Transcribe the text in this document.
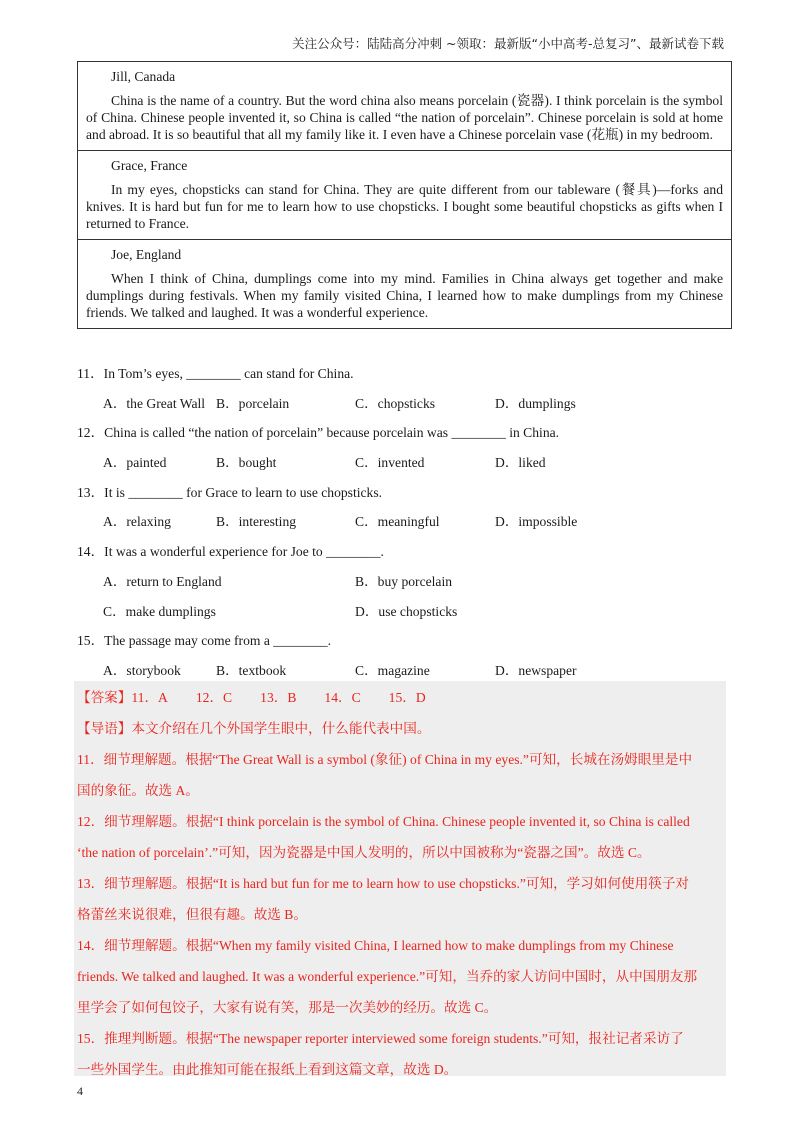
关注公众号：陆陆高分冲刺 ~领取：最新版“小中高考-总复习”、最新试卷下载
Jill, Canada
China is the name of a country. But the word china also means porcelain (瓷器). I think porcelain is the symbol of China. Chinese people invented it, so China is called “the nation of porcelain”. Chinese porcelain is sold at home and abroad. It is so beautiful that all my family like it. I even have a Chinese porcelain vase (花瓶) in my bedroom.
Grace, France
In my eyes, chopsticks can stand for China. They are quite different from our tableware (餐具)—forks and knives. It is hard but fun for me to learn how to use chopsticks. I bought some beautiful chopsticks as gifts when I returned to France.
Joe, England
When I think of China, dumplings come into my mind. Families in China always get together and make dumplings during festivals. When my family visited China, I learned how to make dumplings from my Chinese friends. We talked and laughed. It was a wonderful experience.
11．In Tom’s eyes, ________ can stand for China.
A．the Great Wall B．porcelain	C．chopsticks	D．dumplings
12．China is called “the nation of porcelain” because porcelain was ________ in China.
A．painted	B．bought	C．invented	D．liked
13．It is ________ for Grace to learn to use chopsticks.
A．relaxing	B．interesting	C．meaningful	D．impossible
14．It was a wonderful experience for Joe to ________.
A．return to England	B．buy porcelain
C．make dumplings	D．use chopsticks
15．The passage may come from a ________.
A．storybook	B．textbook	C．magazine	D．newspaper
【答案】11．A 12．C 13．B 14．C 15．D
【导语】本文介绍在几个外国学生眼中，什么能代表中国。
11．细节理解题。根据“The Great Wall is a symbol (象征) of China in my eyes.”可知，长城在汤姆眼里是中
国的象征。故选 A。
12．细节理解题。根据“I think porcelain is the symbol of China. Chinese people invented it, so China is called
‘the nation of porcelain’.”可知，因为瓷器是中国人发明的，所以中国被称为“瓷器之国”。故选 C。
13．细节理解题。根据“It is hard but fun for me to learn how to use chopsticks.”可知，学习如何使用筷子对
格蕾丝来说很难，但很有趣。故选 B。
14．细节理解题。根据“When my family visited China, I learned how to make dumplings from my Chinese
friends. We talked and laughed. It was a wonderful experience.”可知，当乔的家人访问中国时，从中国朋友那
里学会了如何包饺子，大家有说有笑，那是一次美妙的经历。故选 C。
15．推理判断题。根据“The newspaper reporter interviewed some foreign students.”可知，报社记者采访了
一些外国学生。由此推知可能在报纸上看到这篇文章，故选 D。
4
